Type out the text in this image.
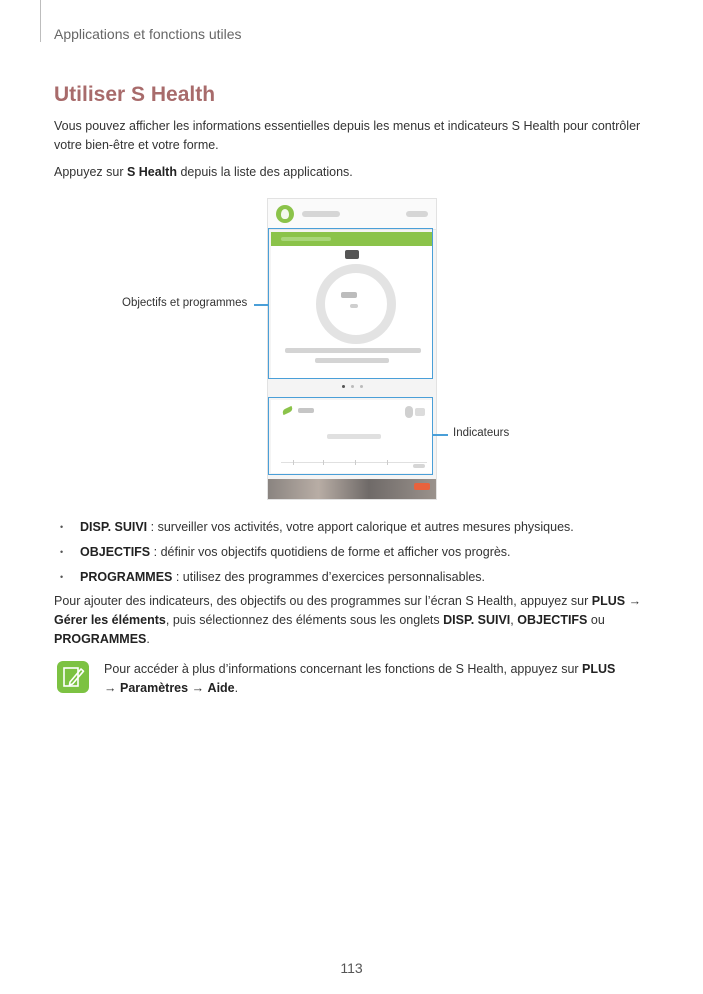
Applications et fonctions utiles
Utiliser S Health
Vous pouvez afficher les informations essentielles depuis les menus et indicateurs S Health pour contrôler votre bien-être et votre forme.
Appuyez sur S Health depuis la liste des applications.
Objectifs et programmes
Indicateurs
• DISP. SUIVI : surveiller vos activités, votre apport calorique et autres mesures physiques.
• OBJECTIFS : définir vos objectifs quotidiens de forme et afficher vos progrès.
• PROGRAMMES : utilisez des programmes d’exercices personnalisables.
Pour ajouter des indicateurs, des objectifs ou des programmes sur l’écran S Health, appuyez sur PLUS → Gérer les éléments, puis sélectionnez des éléments sous les onglets DISP. SUIVI, OBJECTIFS ou PROGRAMMES.
Pour accéder à plus d’informations concernant les fonctions de S Health, appuyez sur PLUS
→ Paramètres → Aide.
113
